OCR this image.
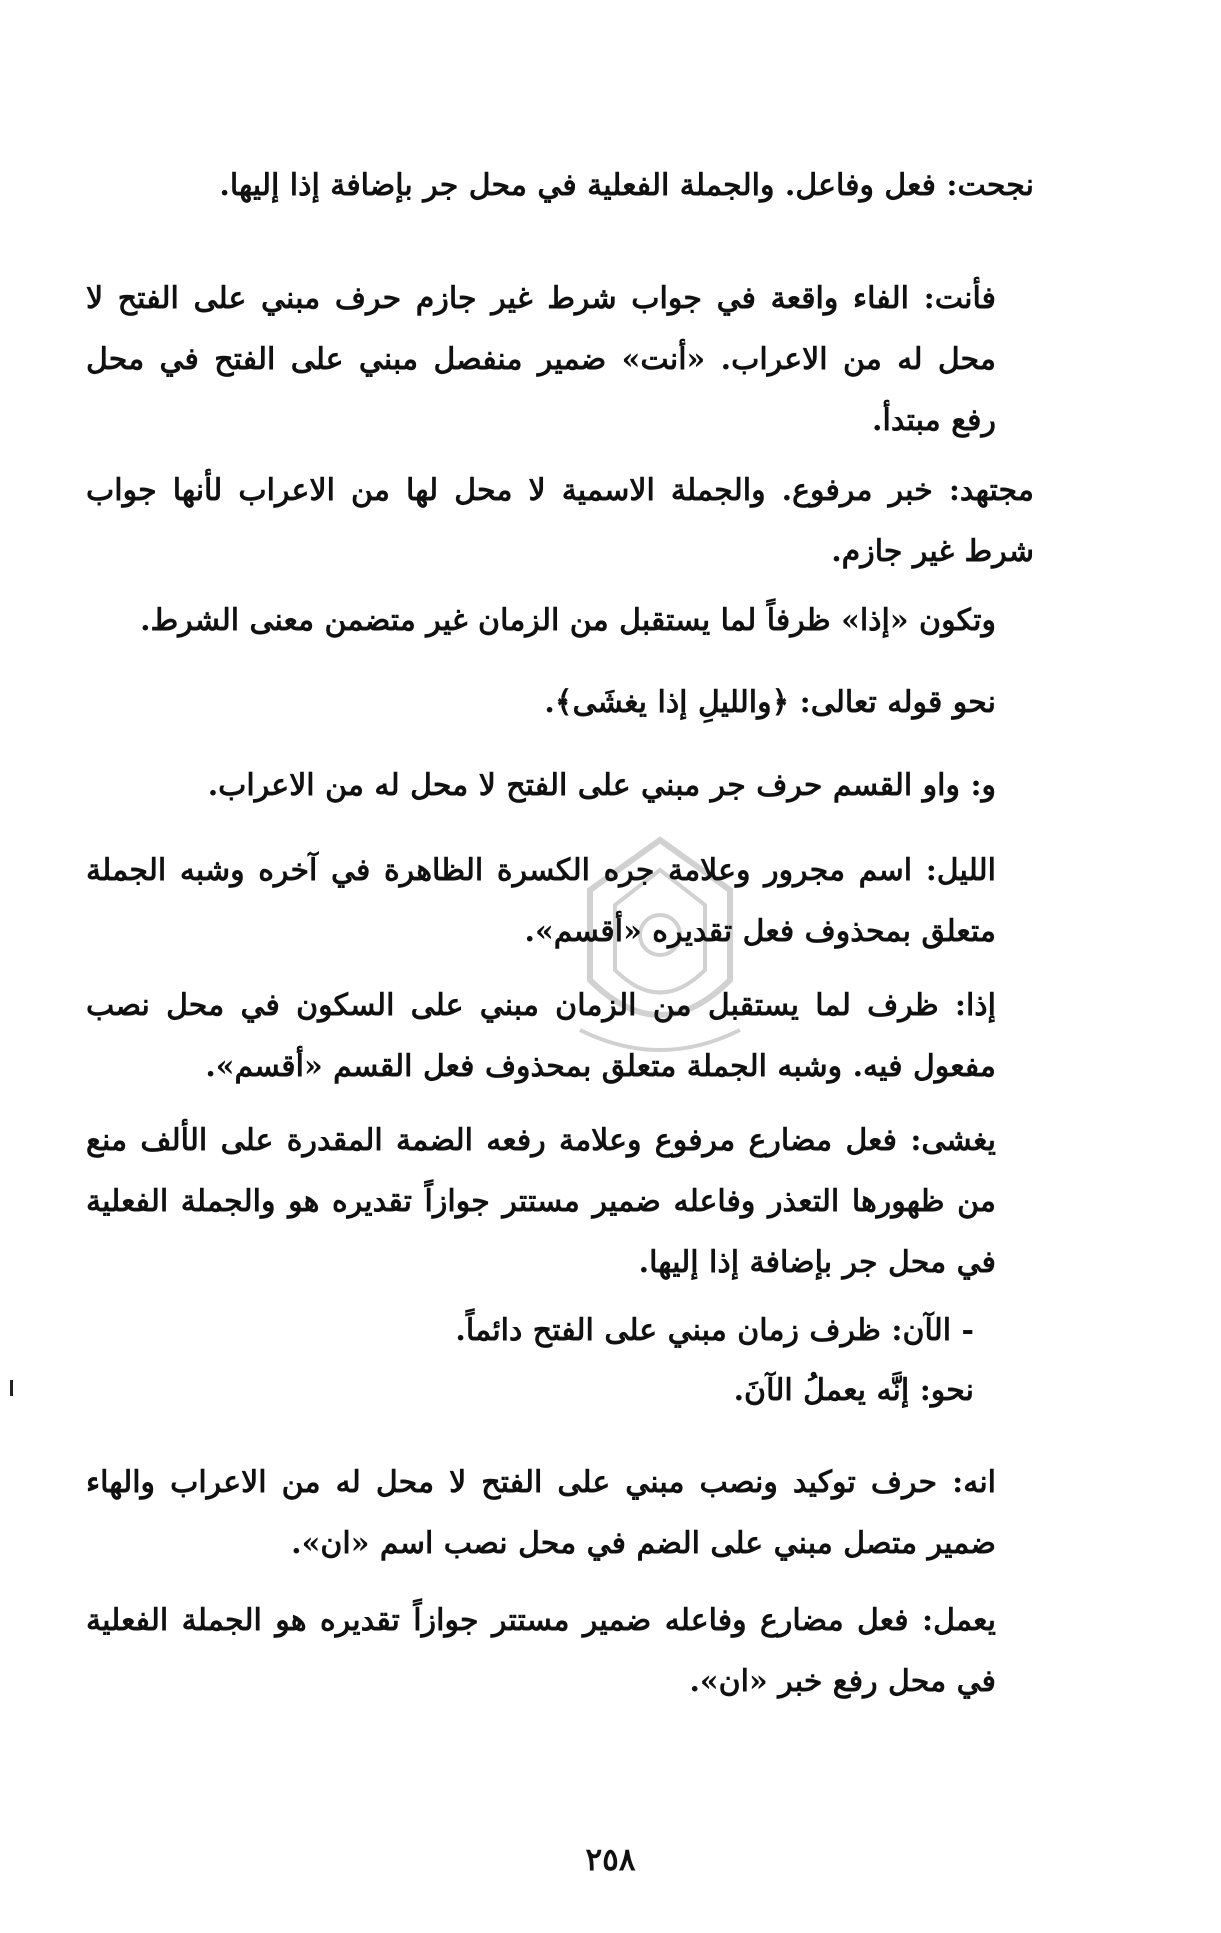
نجحت: فعل وفاعل. والجملة الفعلية في محل جر بإضافة إذا إليها.

فأنت: الفاء واقعة في جواب شرط غير جازم حرف مبني على الفتح لا محل له من الاعراب. «أنت» ضمير منفصل مبني على الفتح في محل رفع مبتدأ.

مجتهد: خبر مرفوع. والجملة الاسمية لا محل لها من الاعراب لأنها جواب شرط غير جازم.

وتكون «إذا» ظرفاً لما يستقبل من الزمان غير متضمن معنى الشرط.

نحو قوله تعالى: ﴿والليلِ إذا يغشَى﴾.

و: واو القسم حرف جر مبني على الفتح لا محل له من الاعراب.

الليل: اسم مجرور وعلامة جره الكسرة الظاهرة في آخره وشبه الجملة متعلق بمحذوف فعل تقديره «أقسم».

إذا: ظرف لما يستقبل من الزمان مبني على السكون في محل نصب مفعول فيه. وشبه الجملة متعلق بمحذوف فعل القسم «أقسم».

يغشى: فعل مضارع مرفوع وعلامة رفعه الضمة المقدرة على الألف منع من ظهورها التعذر وفاعله ضمير مستتر جوازاً تقديره هو والجملة الفعلية في محل جر بإضافة إذا إليها.

- الآن: ظرف زمان مبني على الفتح دائماً.

نحو: إنَّه يعملُ الآنَ.

انه: حرف توكيد ونصب مبني على الفتح لا محل له من الاعراب والهاء ضمير متصل مبني على الضم في محل نصب اسم «ان».

يعمل: فعل مضارع وفاعله ضمير مستتر جوازاً تقديره هو الجملة الفعلية في محل رفع خبر «ان».

٢٥٨
